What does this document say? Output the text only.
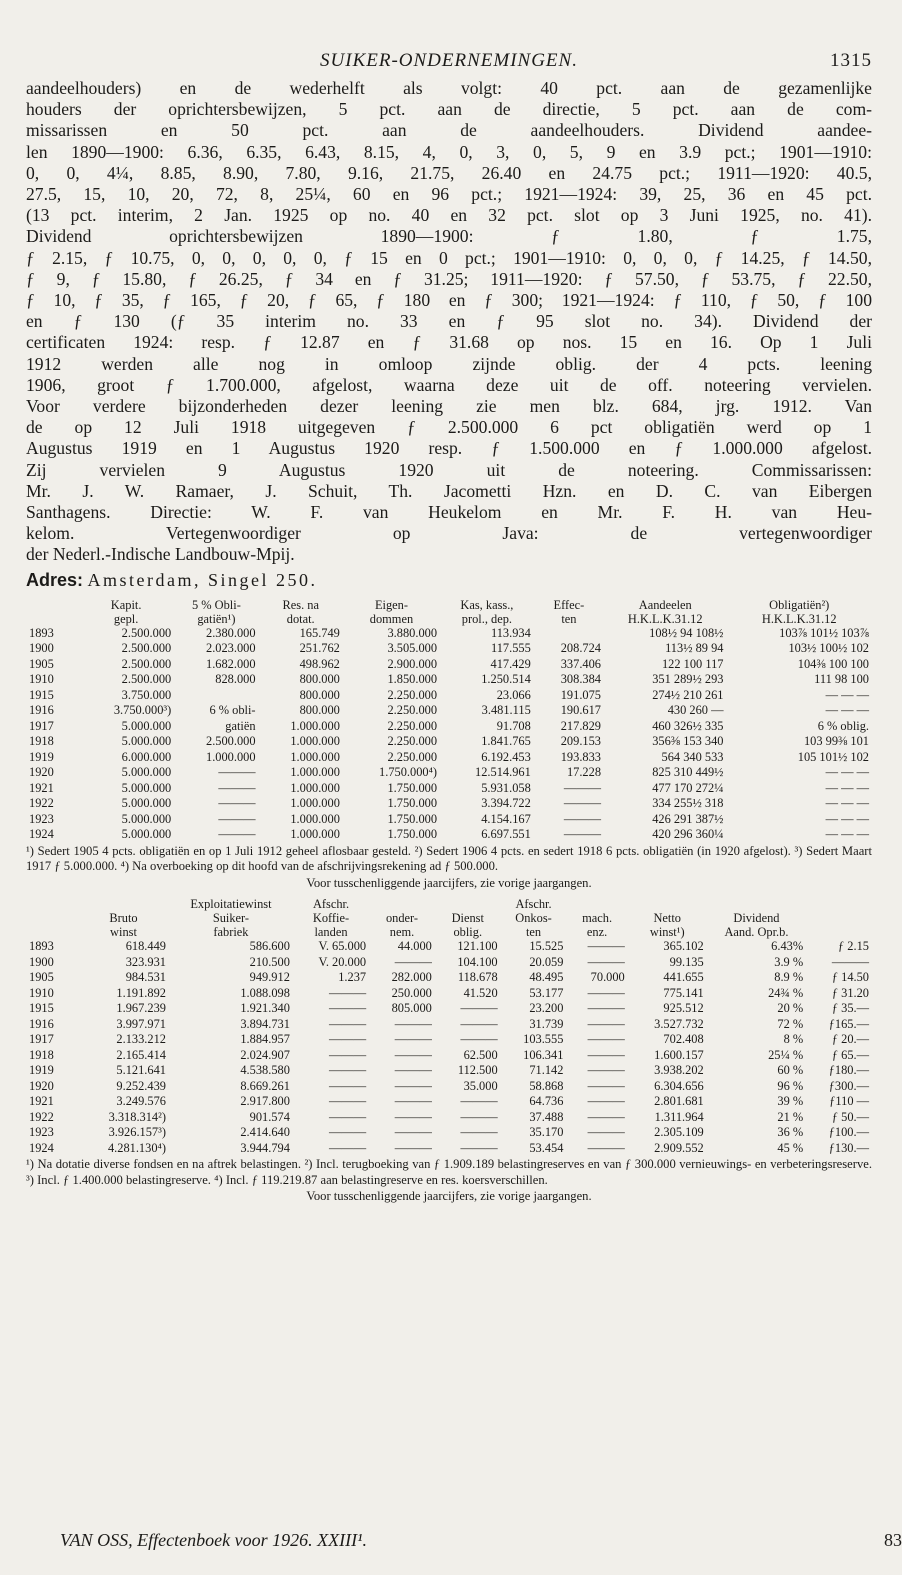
SUIKER-ONDERNEMINGEN.	1315
aandeelhouders) en de wederhelft als volgt: 40 pct. aan de gezamenlijke
houders der oprichtersbewijzen, 5 pct. aan de directie, 5 pct. aan de com-
missarissen en 50 pct. aan de aandeelhouders. Dividend aandee-
len 1890—1900: 6.36, 6.35, 6.43, 8.15, 4, 0, 3, 0, 5, 9 en 3.9 pct.; 1901—1910:
0, 0, 4¼, 8.85, 8.90, 7.80, 9.16, 21.75, 26.40 en 24.75 pct.; 1911—1920: 40.5,
27.5, 15, 10, 20, 72, 8, 25¼, 60 en 96 pct.; 1921—1924: 39, 25, 36 en 45 pct.
(13 pct. interim, 2 Jan. 1925 op no. 40 en 32 pct. slot op 3 Juni 1925, no. 41).
Dividend oprichtersbewijzen 1890—1900: ƒ 1.80, ƒ 1.75,
ƒ 2.15, ƒ 10.75, 0, 0, 0, 0, 0, ƒ 15 en 0 pct.; 1901—1910: 0, 0, 0, ƒ 14.25, ƒ 14.50,
ƒ 9, ƒ 15.80, ƒ 26.25, ƒ 34 en ƒ 31.25; 1911—1920: ƒ 57.50, ƒ 53.75, ƒ 22.50,
ƒ 10, ƒ 35, ƒ 165, ƒ 20, ƒ 65, ƒ 180 en ƒ 300; 1921—1924: ƒ 110, ƒ 50, ƒ 100
en ƒ 130 (ƒ 35 interim no. 33 en ƒ 95 slot no. 34). Dividend der
certificaten 1924: resp. ƒ 12.87 en ƒ 31.68 op nos. 15 en 16. Op 1 Juli
1912 werden alle nog in omloop zijnde oblig. der 4 pcts. leening
1906, groot ƒ 1.700.000, afgelost, waarna deze uit de off. noteering vervielen.
Voor verdere bijzonderheden dezer leening zie men blz. 684, jrg. 1912. Van
de op 12 Juli 1918 uitgegeven ƒ 2.500.000 6 pct obligatiën werd op 1
Augustus 1919 en 1 Augustus 1920 resp. ƒ 1.500.000 en ƒ 1.000.000 afgelost.
Zij vervielen 9 Augustus 1920 uit de noteering. Commissarissen:
Mr. J. W. Ramaer, J. Schuit, Th. Jacometti Hzn. en D. C. van Eibergen
Santhagens. Directie: W. F. van Heukelom en Mr. F. H. van Heu-
kelom. Vertegenwoordiger op Java: de vertegenwoordiger
der Nederl.-Indische Landbouw-Mpij.
Adres: Amsterdam, Singel 250.
	Kapit.	5 % Obli-	Res. na	Eigen-	Kas, kass.,	Effec-	Aandeelen	Obligatiën²)
	gepl.	gatiën¹)	dotat.	dommen	prol., dep.	ten	H.K.L.K.31.12	H.K.L.K.31.12
1893	2.500.000	2.380.000	165.749	3.880.000	113.934		108½ 94 108½	103⅞ 101½ 103⅞
1900	2.500.000	2.023.000	251.762	3.505.000	117.555	208.724	113½ 89 94	103½ 100½ 102
1905	2.500.000	1.682.000	498.962	2.900.000	417.429	337.406	122 100 117	104⅜ 100 100
1910	2.500.000	828.000	800.000	1.850.000	1.250.514	308.384	351 289½ 293	111 98 100
1915	3.750.000		800.000	2.250.000	23.066	191.075	274½ 210 261	— — —
1916	3.750.000³)	6 % obli-	800.000	2.250.000	3.481.115	190.617	430 260 —	— — —
1917	5.000.000	gatiën	1.000.000	2.250.000	91.708	217.829	460 326½ 335	6 % oblig.
1918	5.000.000	2.500.000	1.000.000	2.250.000	1.841.765	209.153	356⅜ 153 340	103 99⅜ 101
1919	6.000.000	1.000.000	1.000.000	2.250.000	6.192.453	193.833	564 340 533	105 101½ 102
1920	5.000.000	———	1.000.000	1.750.000⁴)	12.514.961	17.228	825 310 449½	— — —
1921	5.000.000	———	1.000.000	1.750.000	5.931.058	———	477 170 272¼	— — —
1922	5.000.000	———	1.000.000	1.750.000	3.394.722	———	334 255½ 318	— — —
1923	5.000.000	———	1.000.000	1.750.000	4.154.167	———	426 291 387½	— — —
1924	5.000.000	———	1.000.000	1.750.000	6.697.551	———	420 296 360¼	— — —
¹) Sedert 1905 4 pcts. obligatiën en op 1 Juli 1912 geheel aflosbaar gesteld. ²) Sedert 1906 4 pcts. en sedert 1918 6 pcts. obligatiën (in 1920 afgelost). ³) Sedert Maart 1917 ƒ 5.000.000. ⁴) Na overboeking op dit hoofd van de afschrijvingsrekening ad ƒ 500.000.
Voor tusschenliggende jaarcijfers, zie vorige jaargangen.
		Exploitatiewinst	Afschr.			Afschr.				
	Bruto	Suiker-	Koffie-	onder-	Dienst	Onkos-	mach.	Netto	Dividend	
	winst	fabriek	landen	nem.	oblig.	ten	enz.	winst¹)	Aand. Opr.b.	
1893	618.449	586.600	V. 65.000	44.000	121.100	15.525	———	365.102	6.43%	ƒ 2.15
1900	323.931	210.500	V. 20.000	———	104.100	20.059	———	99.135	3.9 %	———
1905	984.531	949.912	1.237	282.000	118.678	48.495	70.000	441.655	8.9 %	ƒ 14.50
1910	1.191.892	1.088.098	———	250.000	41.520	53.177	———	775.141	24¾ %	ƒ 31.20
1915	1.967.239	1.921.340	———	805.000	———	23.200	———	925.512	20 %	ƒ 35.—
1916	3.997.971	3.894.731	———	———	———	31.739	———	3.527.732	72 %	ƒ165.—
1917	2.133.212	1.884.957	———	———	———	103.555	———	702.408	8 %	ƒ 20.—
1918	2.165.414	2.024.907	———	———	62.500	106.341	———	1.600.157	25¼ %	ƒ 65.—
1919	5.121.641	4.538.580	———	———	112.500	71.142	———	3.938.202	60 %	ƒ180.—
1920	9.252.439	8.669.261	———	———	35.000	58.868	———	6.304.656	96 %	ƒ300.—
1921	3.249.576	2.917.800	———	———	———	64.736	———	2.801.681	39 %	ƒ110 —
1922	3.318.314²)	901.574	———	———	———	37.488	———	1.311.964	21 %	ƒ 50.—
1923	3.926.157³)	2.414.640	———	———	———	35.170	———	2.305.109	36 %	ƒ100.—
1924	4.281.130⁴)	3.944.794	———	———	———	53.454	———	2.909.552	45 %	ƒ130.—
¹) Na dotatie diverse fondsen en na aftrek belastingen. ²) Incl. terugboeking van ƒ 1.909.189 belastingreserves en van ƒ 300.000 vernieuwings- en verbeteringsreserve. ³) Incl. ƒ 1.400.000 belastingreserve. ⁴) Incl. ƒ 119.219.87 aan belastingreserve en res. koersverschillen.
Voor tusschenliggende jaarcijfers, zie vorige jaargangen.
VAN OSS, Effectenboek voor 1926. XXIII¹.	83
